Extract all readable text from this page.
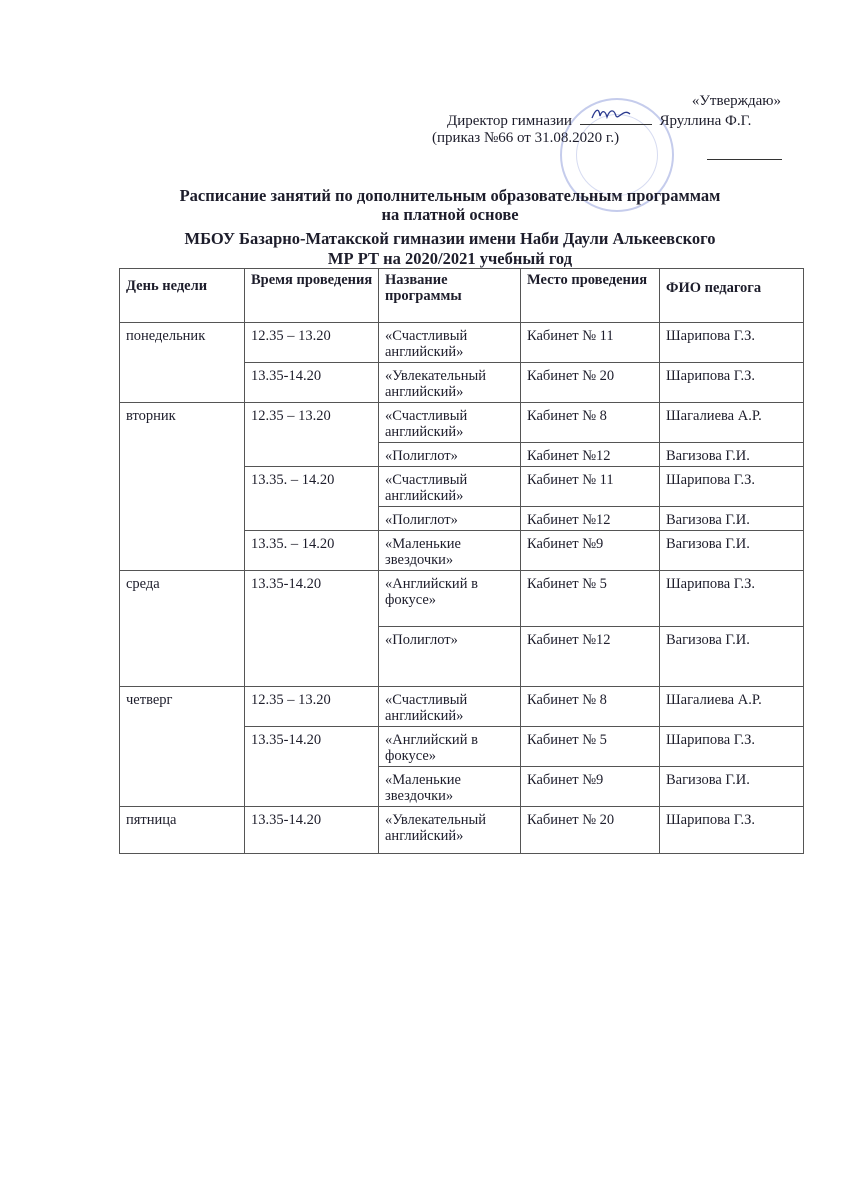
«Утверждаю»
Директор гимназии	Яруллина Ф.Г.
(приказ №66 от 31.08.2020 г.)
Расписание занятий по дополнительным образовательным программам
на платной основе
МБОУ Базарно-Матакской гимназии имени Наби Даули Алькеевского
МР РТ на 2020/2021 учебный год
День недели	Время проведения	Название программы	Место проведения	ФИО педагога
понедельник	12.35 – 13.20	«Счастливый английский»	Кабинет № 11	Шарипова Г.З.
	13.35-14.20	«Увлекательный английский»	Кабинет № 20	Шарипова Г.З.
вторник	12.35 – 13.20	«Счастливый английский»	Кабинет № 8	Шагалиева А.Р.
		«Полиглот»	Кабинет №12	Вагизова Г.И.
	13.35. – 14.20	«Счастливый английский»	Кабинет № 11	Шарипова Г.З.
		«Полиглот»	Кабинет №12	Вагизова Г.И.
	13.35. – 14.20	«Маленькие звездочки»	Кабинет №9	Вагизова Г.И.
среда	13.35-14.20	«Английский в фокусе»	Кабинет № 5	Шарипова Г.З.
		«Полиглот»	Кабинет №12	Вагизова Г.И.
четверг	12.35 – 13.20	«Счастливый английский»	Кабинет № 8	Шагалиева А.Р.
	13.35-14.20	«Английский в фокусе»	Кабинет № 5	Шарипова Г.З.
		«Маленькие звездочки»	Кабинет №9	Вагизова Г.И.
пятница	13.35-14.20	«Увлекательный английский»	Кабинет № 20	Шарипова Г.З.
